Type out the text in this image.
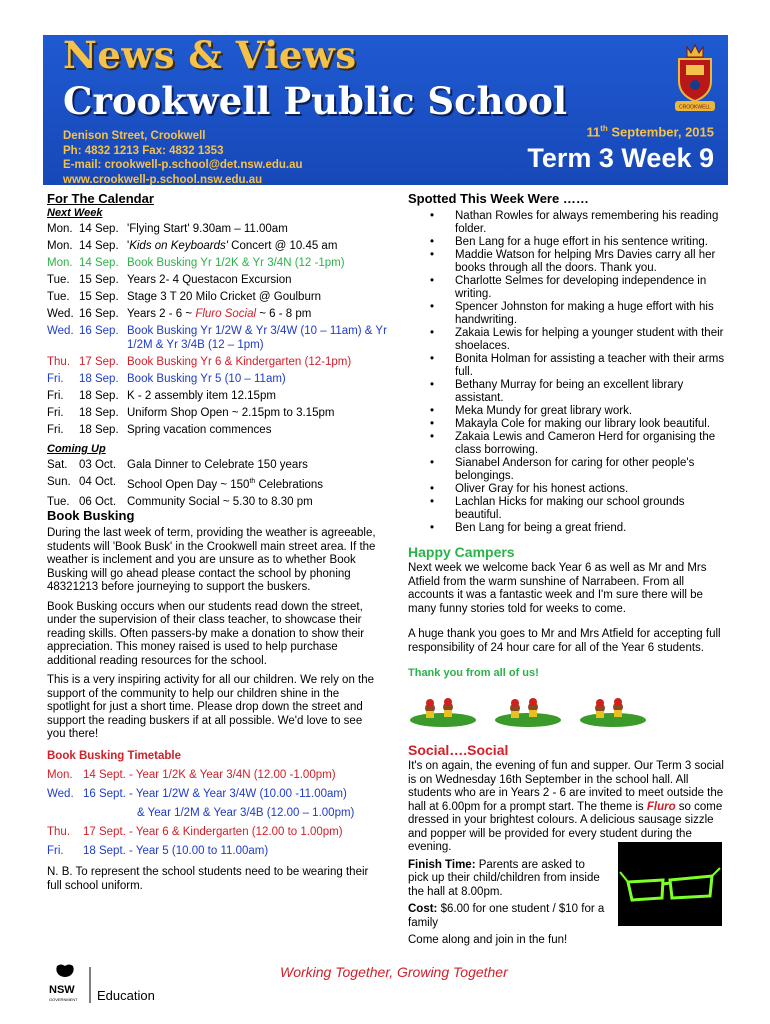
News & Views
Crookwell Public School
Denison Street, Crookwell
Ph: 4832 1213 Fax: 4832 1353
E-mail: crookwell-p.school@det.nsw.edu.au
www.crookwell-p.school.nsw.edu.au
11th September, 2015
Term 3 Week 9
CROOKWELL
For The Calendar
Next Week
Mon. 14 Sep. 'Flying Start' 9.30am – 11.00am
Mon. 14 Sep. 'Kids on Keyboards' Concert @ 10.45 am
Mon. 14 Sep. Book Busking Yr 1/2K & Yr 3/4N (12 -1pm)
Tue. 15 Sep. Years 2- 4 Questacon Excursion
Tue. 15 Sep. Stage 3 T 20 Milo Cricket @ Goulburn
Wed. 16 Sep. Years 2 - 6 ~ Fluro Social ~ 6 - 8 pm
Wed. 16 Sep. Book Busking Yr 1/2W & Yr 3/4W (10 – 11am) & Yr 1/2M & Yr 3/4B (12 – 1pm)
Thu. 17 Sep. Book Busking Yr 6 & Kindergarten (12-1pm)
Fri.	18 Sep. Book Busking Yr 5 (10 – 11am)
Fri.	18 Sep. K - 2 assembly item 12.15pm
Fri.	18 Sep. Uniform Shop Open ~ 2.15pm to 3.15pm
Fri.	18 Sep. Spring vacation commences
Coming Up
Sat.	03 Oct. Gala Dinner to Celebrate 150 years
Sun. 04 Oct. School Open Day ~ 150th Celebrations
Tue. 06 Oct. Community Social ~ 5.30 to 8.30 pm
Book Busking

During the last week of term, providing the weather is agreeable, students will 'Book Busk' in the Crookwell main street area. If the weather is inclement and you are unsure as to whether Book Busking will go ahead please contact the school by phoning 48321213 before journeying to support the buskers.

Book Busking occurs when our students read down the street, under the supervision of their class teacher, to showcase their reading skills. Often passers-by make a donation to show their appreciation. This money raised is used to help purchase additional reading resources for the school.

This is a very inspiring activity for all our children. We rely on the support of the community to help our children shine in the spotlight for just a short time. Please drop down the street and support the reading buskers if at all possible. We'd love to see you there!

Book Busking Timetable
Mon. 14 Sept. - Year 1/2K & Year 3/4N (12.00 -1.00pm)
Wed. 16 Sept. - Year 1/2W & Year 3/4W (10.00 -11.00am)
& Year 1/2M & Year 3/4B (12.00 – 1.00pm)
Thu.	17 Sept. - Year 6 & Kindergarten (12.00 to 1.00pm)
Fri.	18 Sept. - Year 5 (10.00 to 11.00am)

N. B. To represent the school students need to be wearing their full school uniform.

Spotted This Week Were ……
• Nathan Rowles for always remembering his reading folder.
• Ben Lang for a huge effort in his sentence writing.
• Maddie Watson for helping Mrs Davies carry all her books through all the doors. Thank you.
• Charlotte Selmes for developing independence in writing.
• Spencer Johnston for making a huge effort with his handwriting.
• Zakaia Lewis for helping a younger student with their shoelaces.
• Bonita Holman for assisting a teacher with their arms full.
• Bethany Murray for being an excellent library assistant.
• Meka Mundy for great library work.
• Makayla Cole for making our library look beautiful.
• Zakaia Lewis and Cameron Herd for organising the class borrowing.
• Sianabel Anderson for caring for other people's belongings.
• Oliver Gray for his honest actions.
• Lachlan Hicks for making our school grounds beautiful.
• Ben Lang for being a great friend.
Happy Campers

Next week we welcome back Year 6 as well as Mr and Mrs Atfield from the warm sunshine of Narrabeen. From all accounts it was a fantastic week and I'm sure there will be many funny stories told for weeks to come.

A huge thank you goes to Mr and Mrs Atfield for accepting full responsibility of 24 hour care for all of the Year 6 students.

Thank you from all of us!
Social….Social

It's on again, the evening of fun and supper. Our Term 3 social is on Wednesday 16th September in the school hall. All students who are in Years 2 - 6 are invited to meet outside the hall at 6.00pm for a prompt start. The theme is Fluro so come dressed in your brightest colours. A delicious sausage sizzle and popper will be provided for every student during the evening.

Finish Time: Parents are asked to pick up their child/children from inside the hall at 8.00pm.

Cost: $6.00 for one student / $10 for a family

Come along and join in the fun!

Working Together, Growing Together
NSW
GOVERNMENT Education
